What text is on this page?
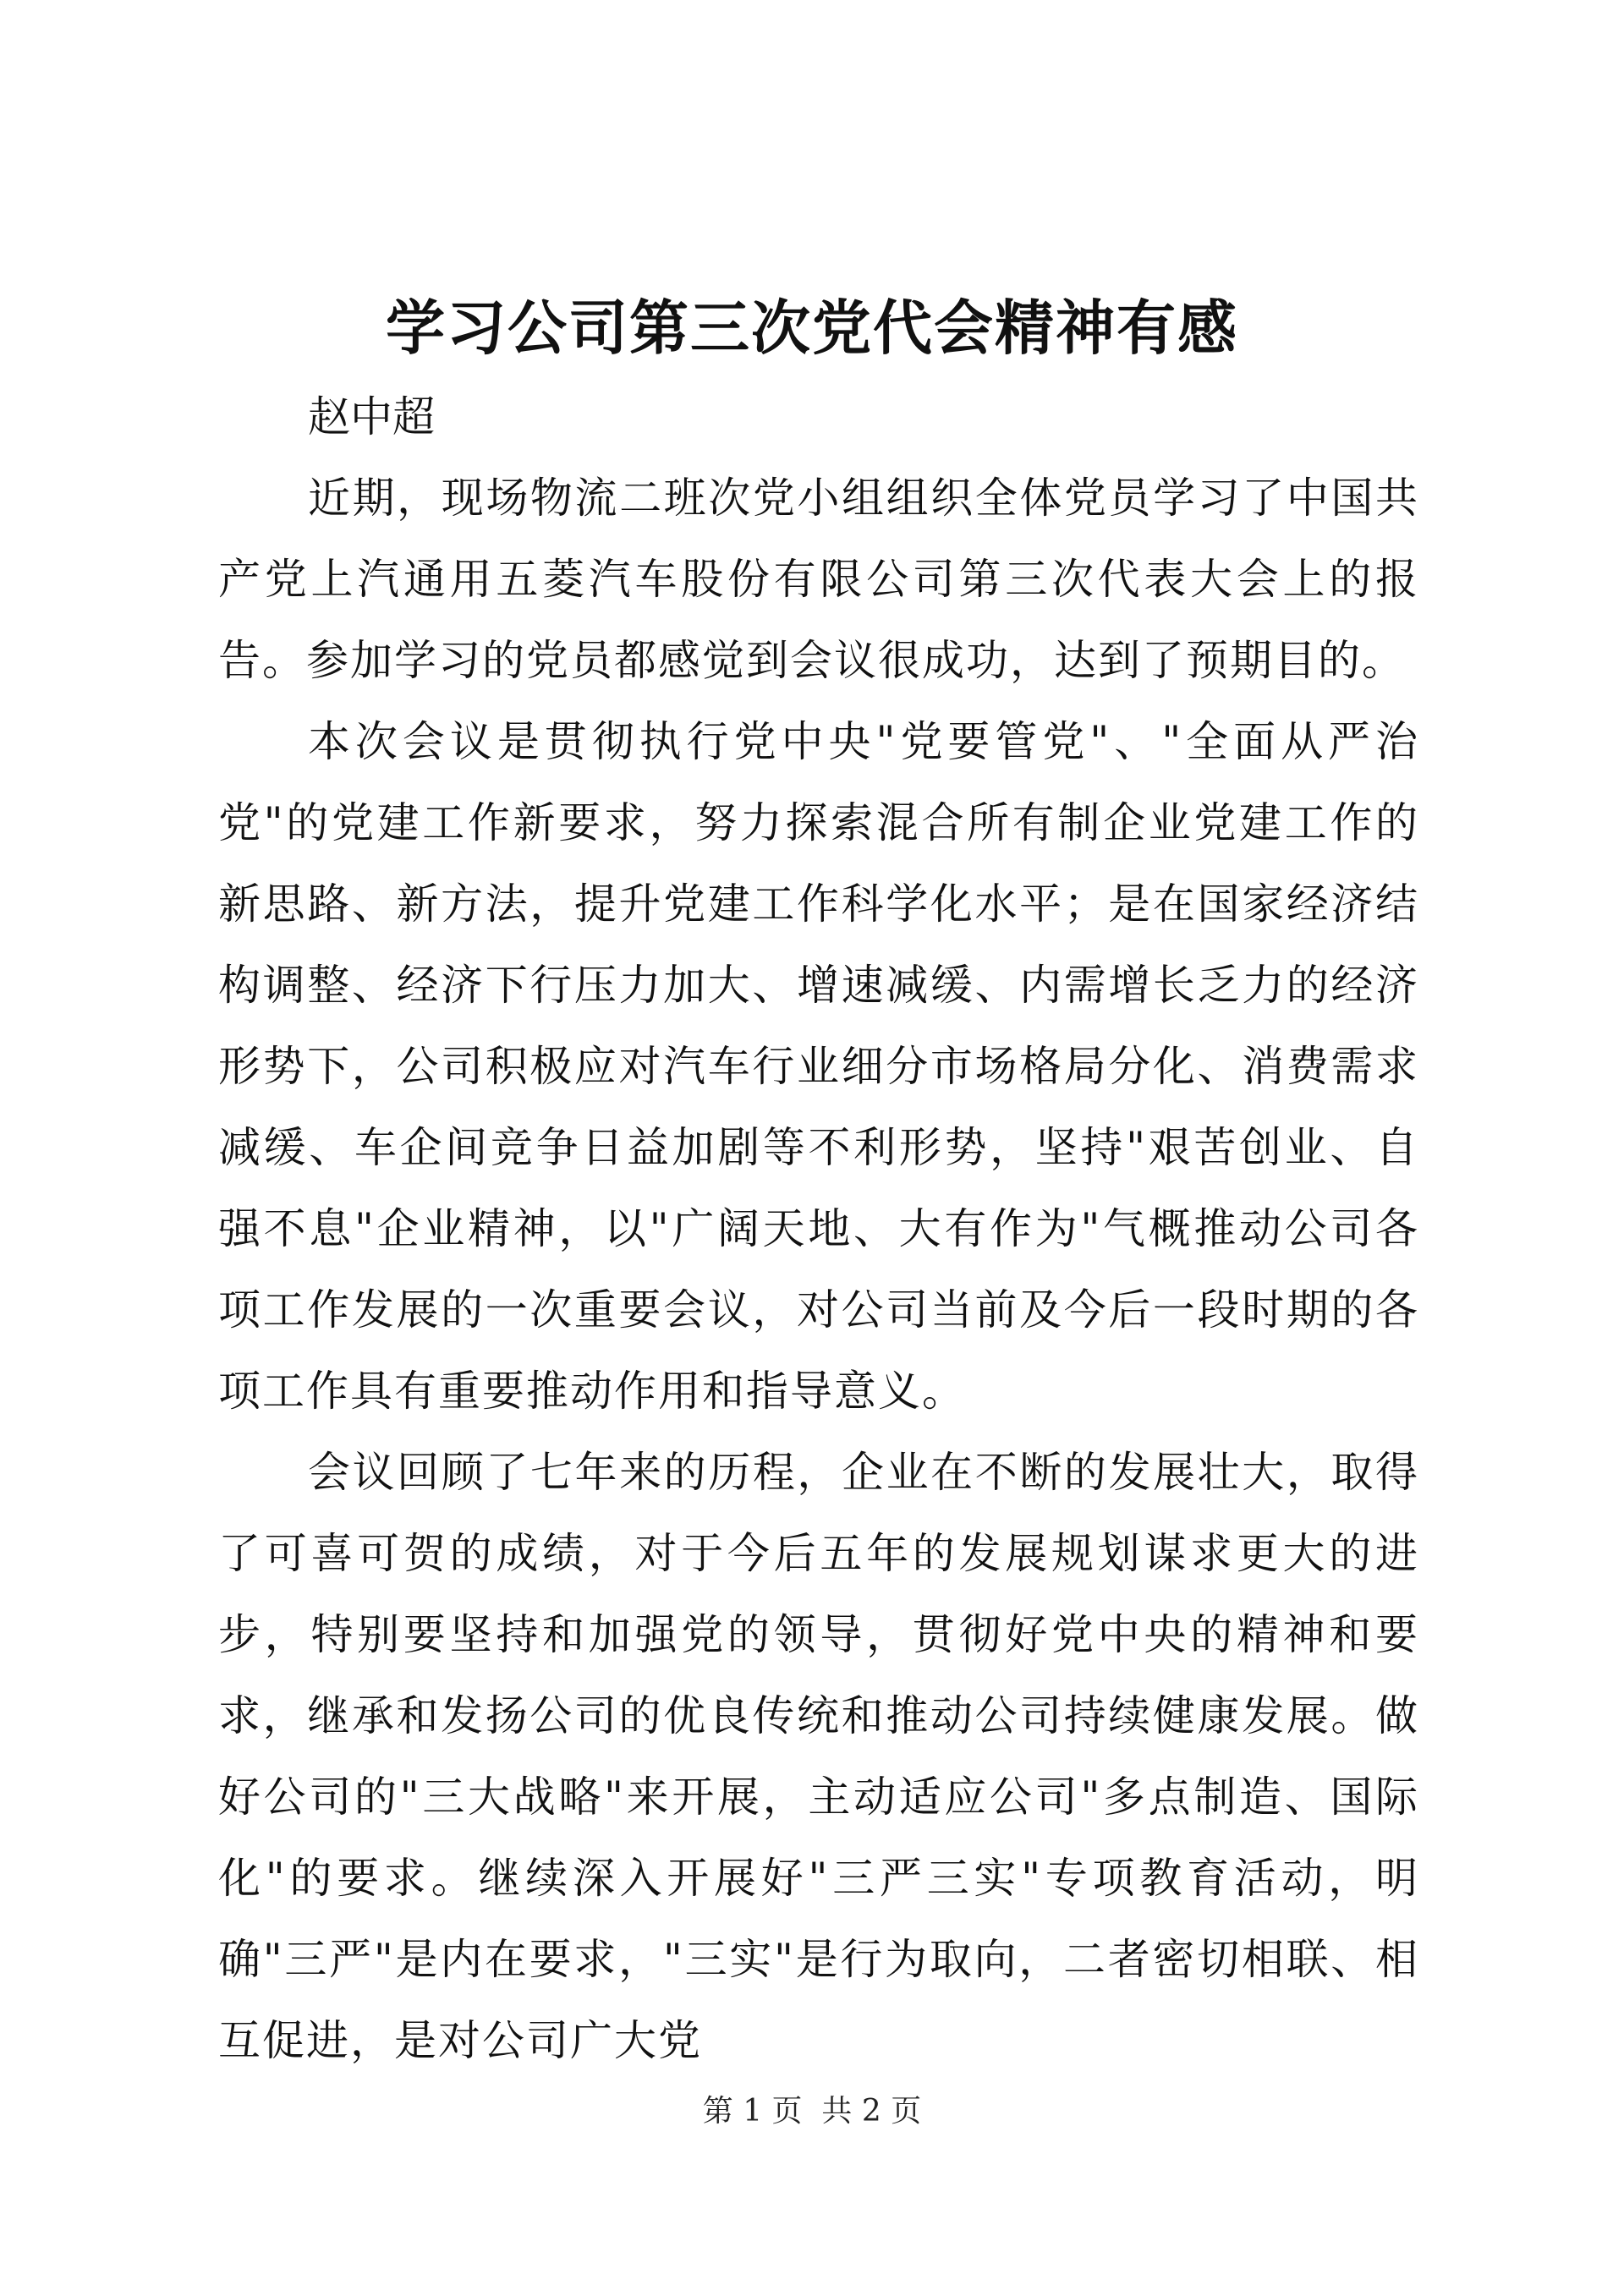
学习公司第三次党代会精神有感

赵中超

近期，现场物流二班次党小组组织全体党员学习了中国共产党上汽通用五菱汽车股份有限公司第三次代表大会上的报告。参加学习的党员都感觉到会议很成功，达到了预期目的。

本次会议是贯彻执行党中央"党要管党"、"全面从严治党"的党建工作新要求，努力探索混合所有制企业党建工作的新思路、新方法，提升党建工作科学化水平；是在国家经济结构调整、经济下行压力加大、增速减缓、内需增长乏力的经济形势下，公司积极应对汽车行业细分市场格局分化、消费需求减缓、车企间竞争日益加剧等不利形势，坚持"艰苦创业、自强不息"企业精神，以"广阔天地、大有作为"气概推动公司各项工作发展的一次重要会议，对公司当前及今后一段时期的各项工作具有重要推动作用和指导意义。

会议回顾了七年来的历程，企业在不断的发展壮大，取得了可喜可贺的成绩，对于今后五年的发展规划谋求更大的进步，特别要坚持和加强党的领导，贯彻好党中央的精神和要求，继承和发扬公司的优良传统和推动公司持续健康发展。做好公司的"三大战略"来开展，主动适应公司"多点制造、国际化"的要求。继续深入开展好"三严三实"专项教育活动，明确"三严"是内在要求，"三实"是行为取向，二者密切相联、相互促进，是对公司广大党

第 1 页  共 2 页
